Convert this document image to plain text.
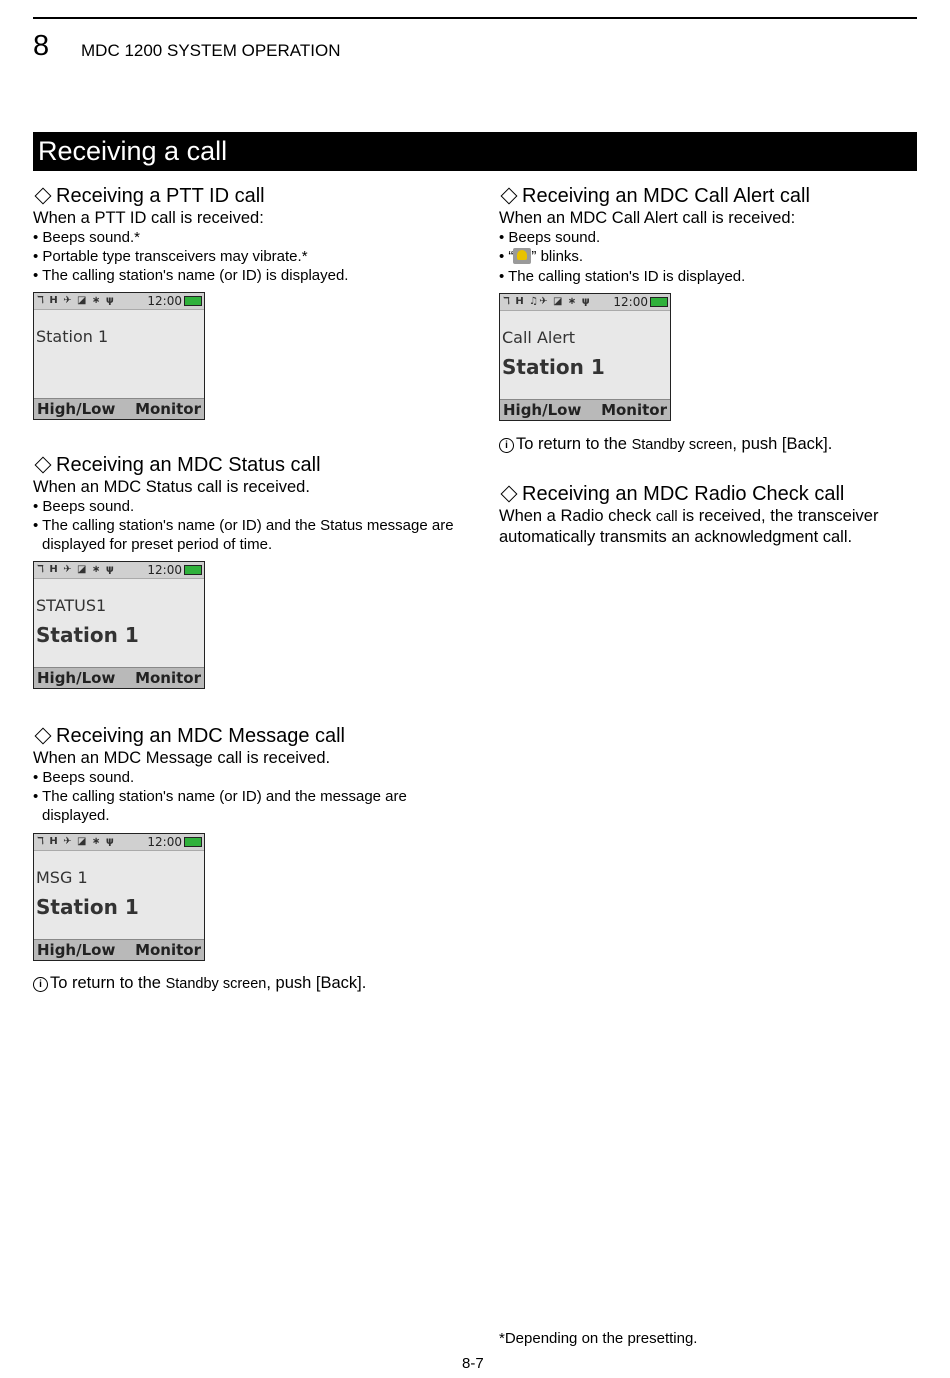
8 MDC 1200 SYSTEM OPERATION
Receiving a call
Receiving a PTT ID call
When a PTT ID call is received:
• Beeps sound.*
• Portable type transceivers may vibrate.*
• The calling station's name (or ID) is displayed.
ℸ H ✈ ◪ ∗ ψ	12:00
Station 1
High/Low Monitor
Receiving an MDC Status call
When an MDC Status call is received.
• Beeps sound.
• The calling station's name (or ID) and the Status message are displayed for preset period of time.
ℸ H ✈ ◪ ∗ ψ	12:00
STATUS1
Station 1
High/Low Monitor
Receiving an MDC Message call
When an MDC Message call is received.
• Beeps sound.
• The calling station's name (or ID) and the message are displayed.
ℸ H ✈ ◪ ∗ ψ	12:00
MSG 1
Station 1
High/Low Monitor
i To return to the Standby screen, push [Back].
Receiving an MDC Call Alert call
When an MDC Call Alert call is received:
• Beeps sound.
• “ ” blinks.
• The calling station's ID is displayed.
ℸ H ♫✈ ◪ ∗ ψ 12:00
Call Alert
Station 1
High/Low Monitor
i To return to the Standby screen, push [Back].
Receiving an MDC Radio Check call
When a Radio check call is received, the transceiver automatically transmits an acknowledgment call.
*Depending on the presetting.
8-7
